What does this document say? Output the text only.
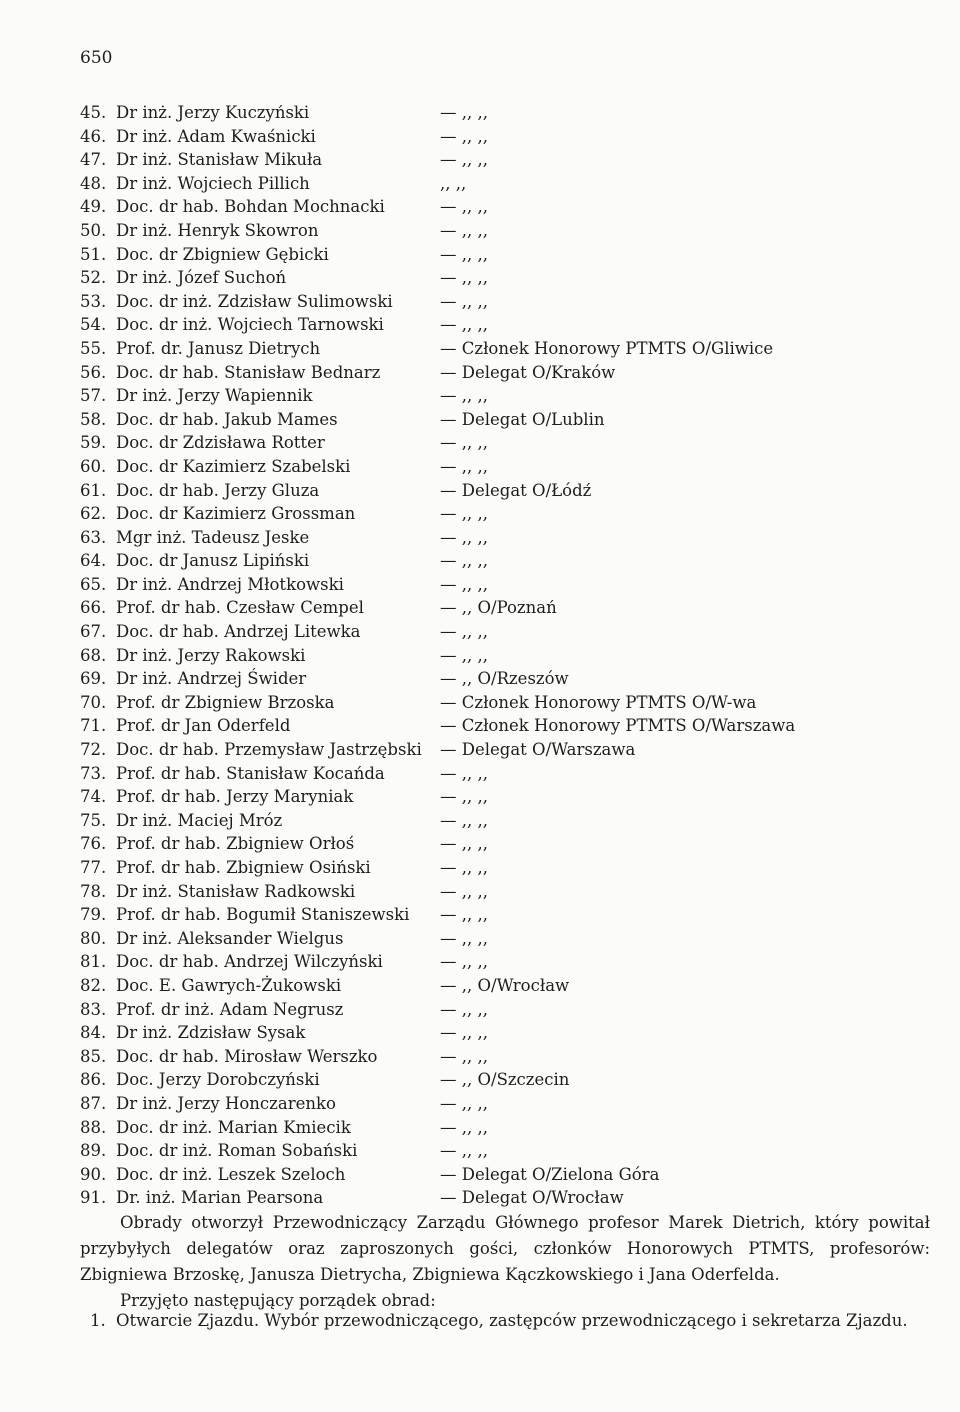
650
45. Dr inż. Jerzy Kuczyński	— ,, ,,
46. Dr inż. Adam Kwaśnicki	— ,, ,,
47. Dr inż. Stanisław Mikuła	— ,, ,,
48. Dr inż. Wojciech Pillich	,, ,,
49. Doc. dr hab. Bohdan Mochnacki	— ,, ,,
50. Dr inż. Henryk Skowron	— ,, ,,
51. Doc. dr Zbigniew Gębicki	— ,, ,,
52. Dr inż. Józef Suchoń	— ,, ,,
53. Doc. dr inż. Zdzisław Sulimowski	— ,, ,,
54. Doc. dr inż. Wojciech Tarnowski	— ,, ,,
55. Prof. dr. Janusz Dietrych	— Członek Honorowy PTMTS O/Gliwice
56. Doc. dr hab. Stanisław Bednarz	— Delegat O/Kraków
57. Dr inż. Jerzy Wapiennik	— ,, ,,
58. Doc. dr hab. Jakub Mames	— Delegat O/Lublin
59. Doc. dr Zdzisława Rotter	— ,, ,,
60. Doc. dr Kazimierz Szabelski	— ,, ,,
61. Doc. dr hab. Jerzy Gluza	— Delegat O/Łódź
62. Doc. dr Kazimierz Grossman	— ,, ,,
63. Mgr inż. Tadeusz Jeske	— ,, ,,
64. Doc. dr Janusz Lipiński	— ,, ,,
65. Dr inż. Andrzej Młotkowski	— ,, ,,
66. Prof. dr hab. Czesław Cempel	— ,, O/Poznań
67. Doc. dr hab. Andrzej Litewka	— ,, ,,
68. Dr inż. Jerzy Rakowski	— ,, ,,
69. Dr inż. Andrzej Świder	— ,, O/Rzeszów
70. Prof. dr Zbigniew Brzoska	— Członek Honorowy PTMTS O/W-wa
71. Prof. dr Jan Oderfeld	— Członek Honorowy PTMTS O/Warszawa
72. Doc. dr hab. Przemysław Jastrzębski	— Delegat O/Warszawa
73. Prof. dr hab. Stanisław Kocańda	— ,, ,,
74. Prof. dr hab. Jerzy Maryniak	— ,, ,,
75. Dr inż. Maciej Mróz	— ,, ,,
76. Prof. dr hab. Zbigniew Orłoś	— ,, ,,
77. Prof. dr hab. Zbigniew Osiński	— ,, ,,
78. Dr inż. Stanisław Radkowski	— ,, ,,
79. Prof. dr hab. Bogumił Staniszewski	— ,, ,,
80. Dr inż. Aleksander Wielgus	— ,, ,,
81. Doc. dr hab. Andrzej Wilczyński	— ,, ,,
82. Doc. E. Gawrych-Żukowski	— ,, O/Wrocław
83. Prof. dr inż. Adam Negrusz	— ,, ,,
84. Dr inż. Zdzisław Sysak	— ,, ,,
85. Doc. dr hab. Mirosław Werszko	— ,, ,,
86. Doc. Jerzy Dorobczyński	— ,, O/Szczecin
87. Dr inż. Jerzy Honczarenko	— ,, ,,
88. Doc. dr inż. Marian Kmiecik	— ,, ,,
89. Doc. dr inż. Roman Sobański	— ,, ,,
90. Doc. dr inż. Leszek Szeloch	— Delegat O/Zielona Góra
91. Dr. inż. Marian Pearsona	— Delegat O/Wrocław

Obrady otworzył Przewodniczący Zarządu Głównego profesor Marek Dietrich, który powitał przybyłych delegatów oraz zaproszonych gości, członków Honorowych PTMTS, profesorów: Zbigniewa Brzoskę, Janusza Dietrycha, Zbigniewa Kączkowskiego i Jana Oderfelda.

Przyjęto następujący porządek obrad:

1. Otwarcie Zjazdu. Wybór przewodniczącego, zastępców przewodniczącego i sekretarza Zjazdu.
